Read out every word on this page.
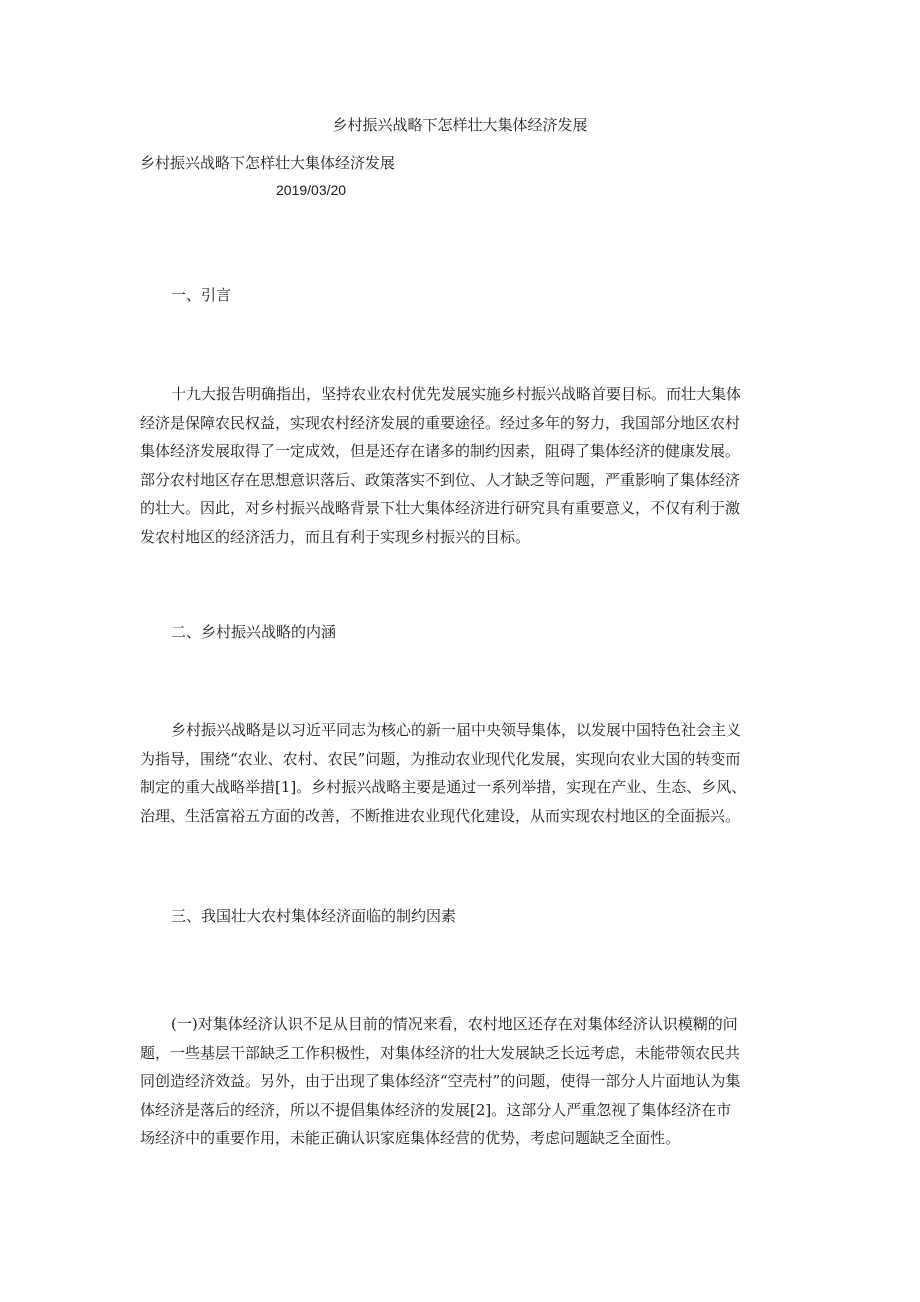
乡村振兴战略下怎样壮大集体经济发展
乡村振兴战略下怎样壮大集体经济发展
2019/03/20
一、引言
十九大报告明确指出，坚持农业农村优先发展实施乡村振兴战略首要目标。而壮大集体
经济是保障农民权益，实现农村经济发展的重要途径。经过多年的努力，我国部分地区农村
集体经济发展取得了一定成效，但是还存在诸多的制约因素，阻碍了集体经济的健康发展。
部分农村地区存在思想意识落后、政策落实不到位、人才缺乏等问题，严重影响了集体经济
的壮大。因此，对乡村振兴战略背景下壮大集体经济进行研究具有重要意义，不仅有利于激
发农村地区的经济活力，而且有利于实现乡村振兴的目标。
二、乡村振兴战略的内涵
乡村振兴战略是以习近平同志为核心的新一届中央领导集体，以发展中国特色社会主义
为指导，围绕“农业、农村、农民”问题，为推动农业现代化发展，实现向农业大国的转变而
制定的重大战略举措[1]。乡村振兴战略主要是通过一系列举措，实现在产业、生态、乡风、
治理、生活富裕五方面的改善，不断推进农业现代化建设，从而实现农村地区的全面振兴。
三、我国壮大农村集体经济面临的制约因素
(一)对集体经济认识不足从目前的情况来看，农村地区还存在对集体经济认识模糊的问
题，一些基层干部缺乏工作积极性，对集体经济的壮大发展缺乏长远考虑，未能带领农民共
同创造经济效益。另外，由于出现了集体经济“空壳村”的问题，使得一部分人片面地认为集
体经济是落后的经济，所以不提倡集体经济的发展[2]。这部分人严重忽视了集体经济在市
场经济中的重要作用，未能正确认识家庭集体经营的优势，考虑问题缺乏全面性。
